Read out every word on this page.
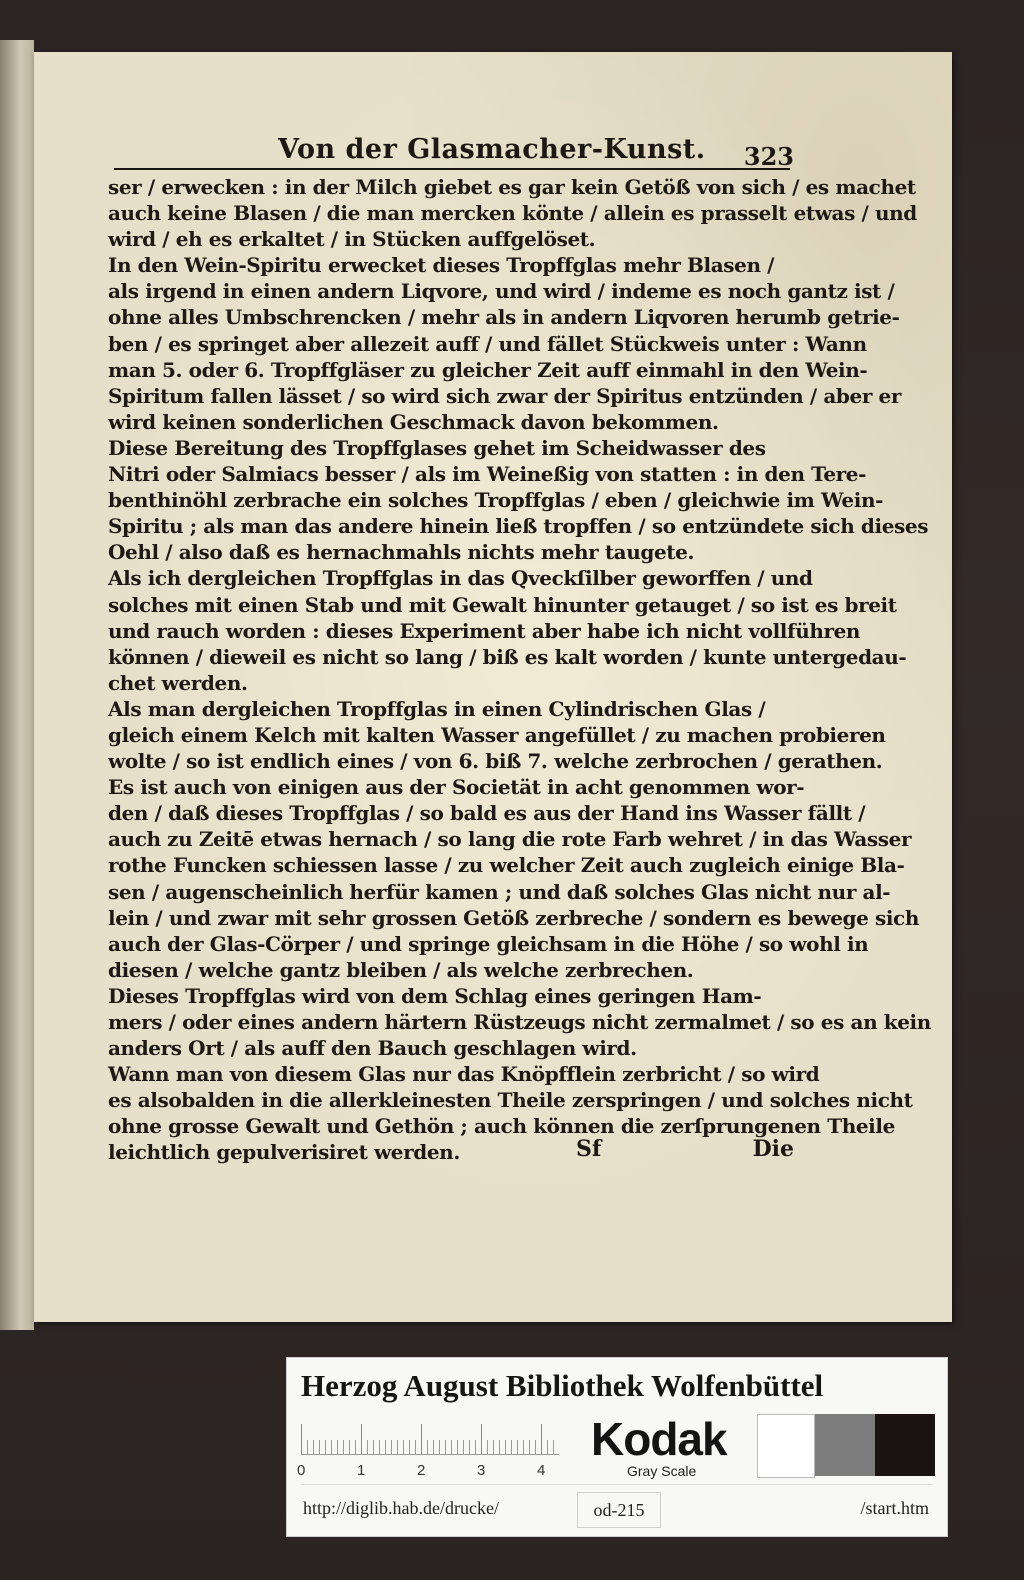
Von der Glasmacher-Kunst. 323
ser / erwecken : in der Milch giebet es gar kein Getöß von sich / es machet
auch keine Blasen / die man mercken könte / allein es prasselt etwas / und
wird / eh es erkaltet / in Stücken auffgelöset.
In den Wein-Spiritu erwecket dieses Tropffglas mehr Blasen /
als irgend in einen andern Liqvore, und wird / indeme es noch gantz ist /
ohne alles Umbschrencken / mehr als in andern Liqvoren herumb getrie-
ben / es springet aber allezeit auff / und fället Stückweis unter : Wann
man 5. oder 6. Tropffgläser zu gleicher Zeit auff einmahl in den Wein-
Spiritum fallen lässet / so wird sich zwar der Spiritus entzünden / aber er
wird keinen sonderlichen Geschmack davon bekommen.
Diese Bereitung des Tropffglases gehet im Scheidwasser des
Nitri oder Salmiacs besser / als im Weineßig von statten : in den Tere-
benthinöhl zerbrache ein solches Tropffglas / eben / gleichwie im Wein-
Spiritu ; als man das andere hinein ließ tropffen / so entzündete sich dieses
Oehl / also daß es hernachmahls nichts mehr taugete.
Als ich dergleichen Tropffglas in das Qveckſilber geworffen / und
solches mit einen Stab und mit Gewalt hinunter getauget / so ist es breit
und rauch worden : dieses Experiment aber habe ich nicht vollführen
können / dieweil es nicht so lang / biß es kalt worden / kunte untergedau-
chet werden.
Als man dergleichen Tropffglas in einen Cylindrischen Glas /
gleich einem Kelch mit kalten Wasser angefüllet / zu machen probieren
wolte / so ist endlich eines / von 6. biß 7. welche zerbrochen / gerathen.
Es ist auch von einigen aus der Societät in acht genommen wor-
den / daß dieses Tropffglas / so bald es aus der Hand ins Wasser fällt /
auch zu Zeitē etwas hernach / so lang die rote Farb wehret / in das Wasser
rothe Funcken schiessen lasse / zu welcher Zeit auch zugleich einige Bla-
sen / augenscheinlich herfür kamen ; und daß solches Glas nicht nur al-
lein / und zwar mit sehr grossen Getöß zerbreche / sondern es bewege sich
auch der Glas-Cörper / und springe gleichsam in die Höhe / so wohl in
diesen / welche gantz bleiben / als welche zerbrechen.
Dieses Tropffglas wird von dem Schlag eines geringen Ham-
mers / oder eines andern härtern Rüstzeugs nicht zermalmet / so es an kein
anders Ort / als auff den Bauch geschlagen wird.
Wann man von diesem Glas nur das Knöpfflein zerbricht / so wird
es alsobalden in die allerkleinesten Theile zerspringen / und solches nicht
ohne grosse Gewalt und Gethön ; auch können die zerſprungenen Theile
leichtlich gepulverisiret werden.	Sf	Die
Herzog August Bibliothek Wolfenbüttel
0	1	2	3	4
Kodak
Gray Scale
http://diglib.hab.de/drucke/	od-215	/start.htm
